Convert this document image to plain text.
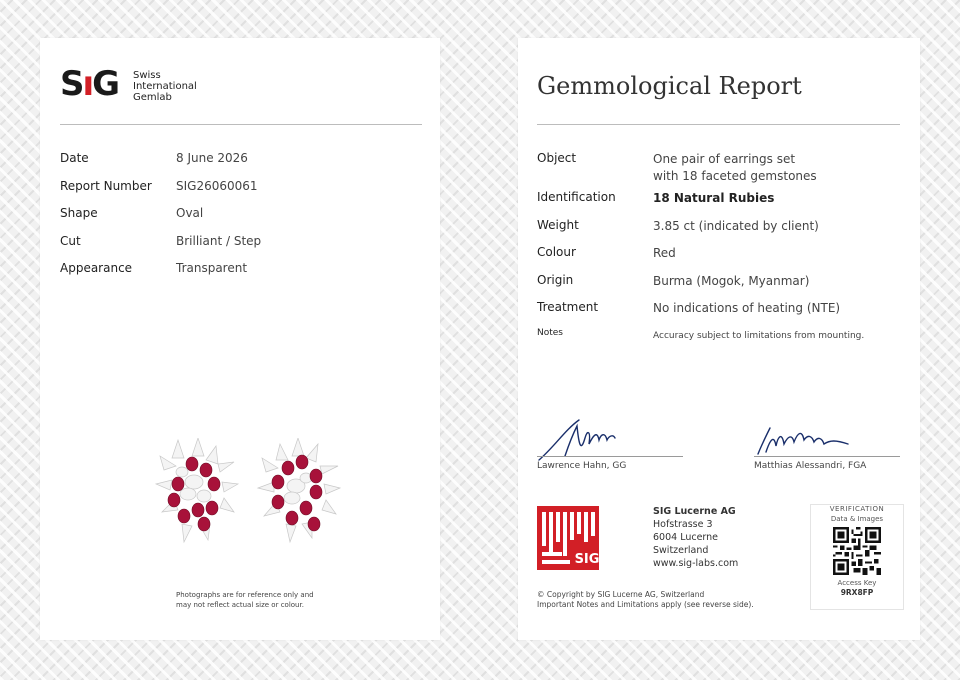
SıG Swiss
International
Gemlab
Date	8 June 2026
Report Number SIG26060061
Shape	Oval
Cut	Brilliant / Step
Appearance	Transparent
Photographs are for reference only and
may not reflect actual size or colour.
Gemmological Report
Object	One pair of earrings set
with 18 faceted gemstones
Identification	18 Natural Rubies
Weight	3.85 ct (indicated by client)
Colour	Red
Origin	Burma (Mogok, Myanmar)
Treatment	No indications of heating (NTE)
Notes	Accuracy subject to limitations from mounting.
Lawrence Hahn, GG	Matthias Alessandri, FGA
SIG
SIG Lucerne AG
Hofstrasse 3
6004 Lucerne
Switzerland
www.sig-labs.com
VERIFICATION
Data & Images
Access Key
9RX8FP
© Copyright by SIG Lucerne AG, Switzerland
Important Notes and Limitations apply (see reverse side).
